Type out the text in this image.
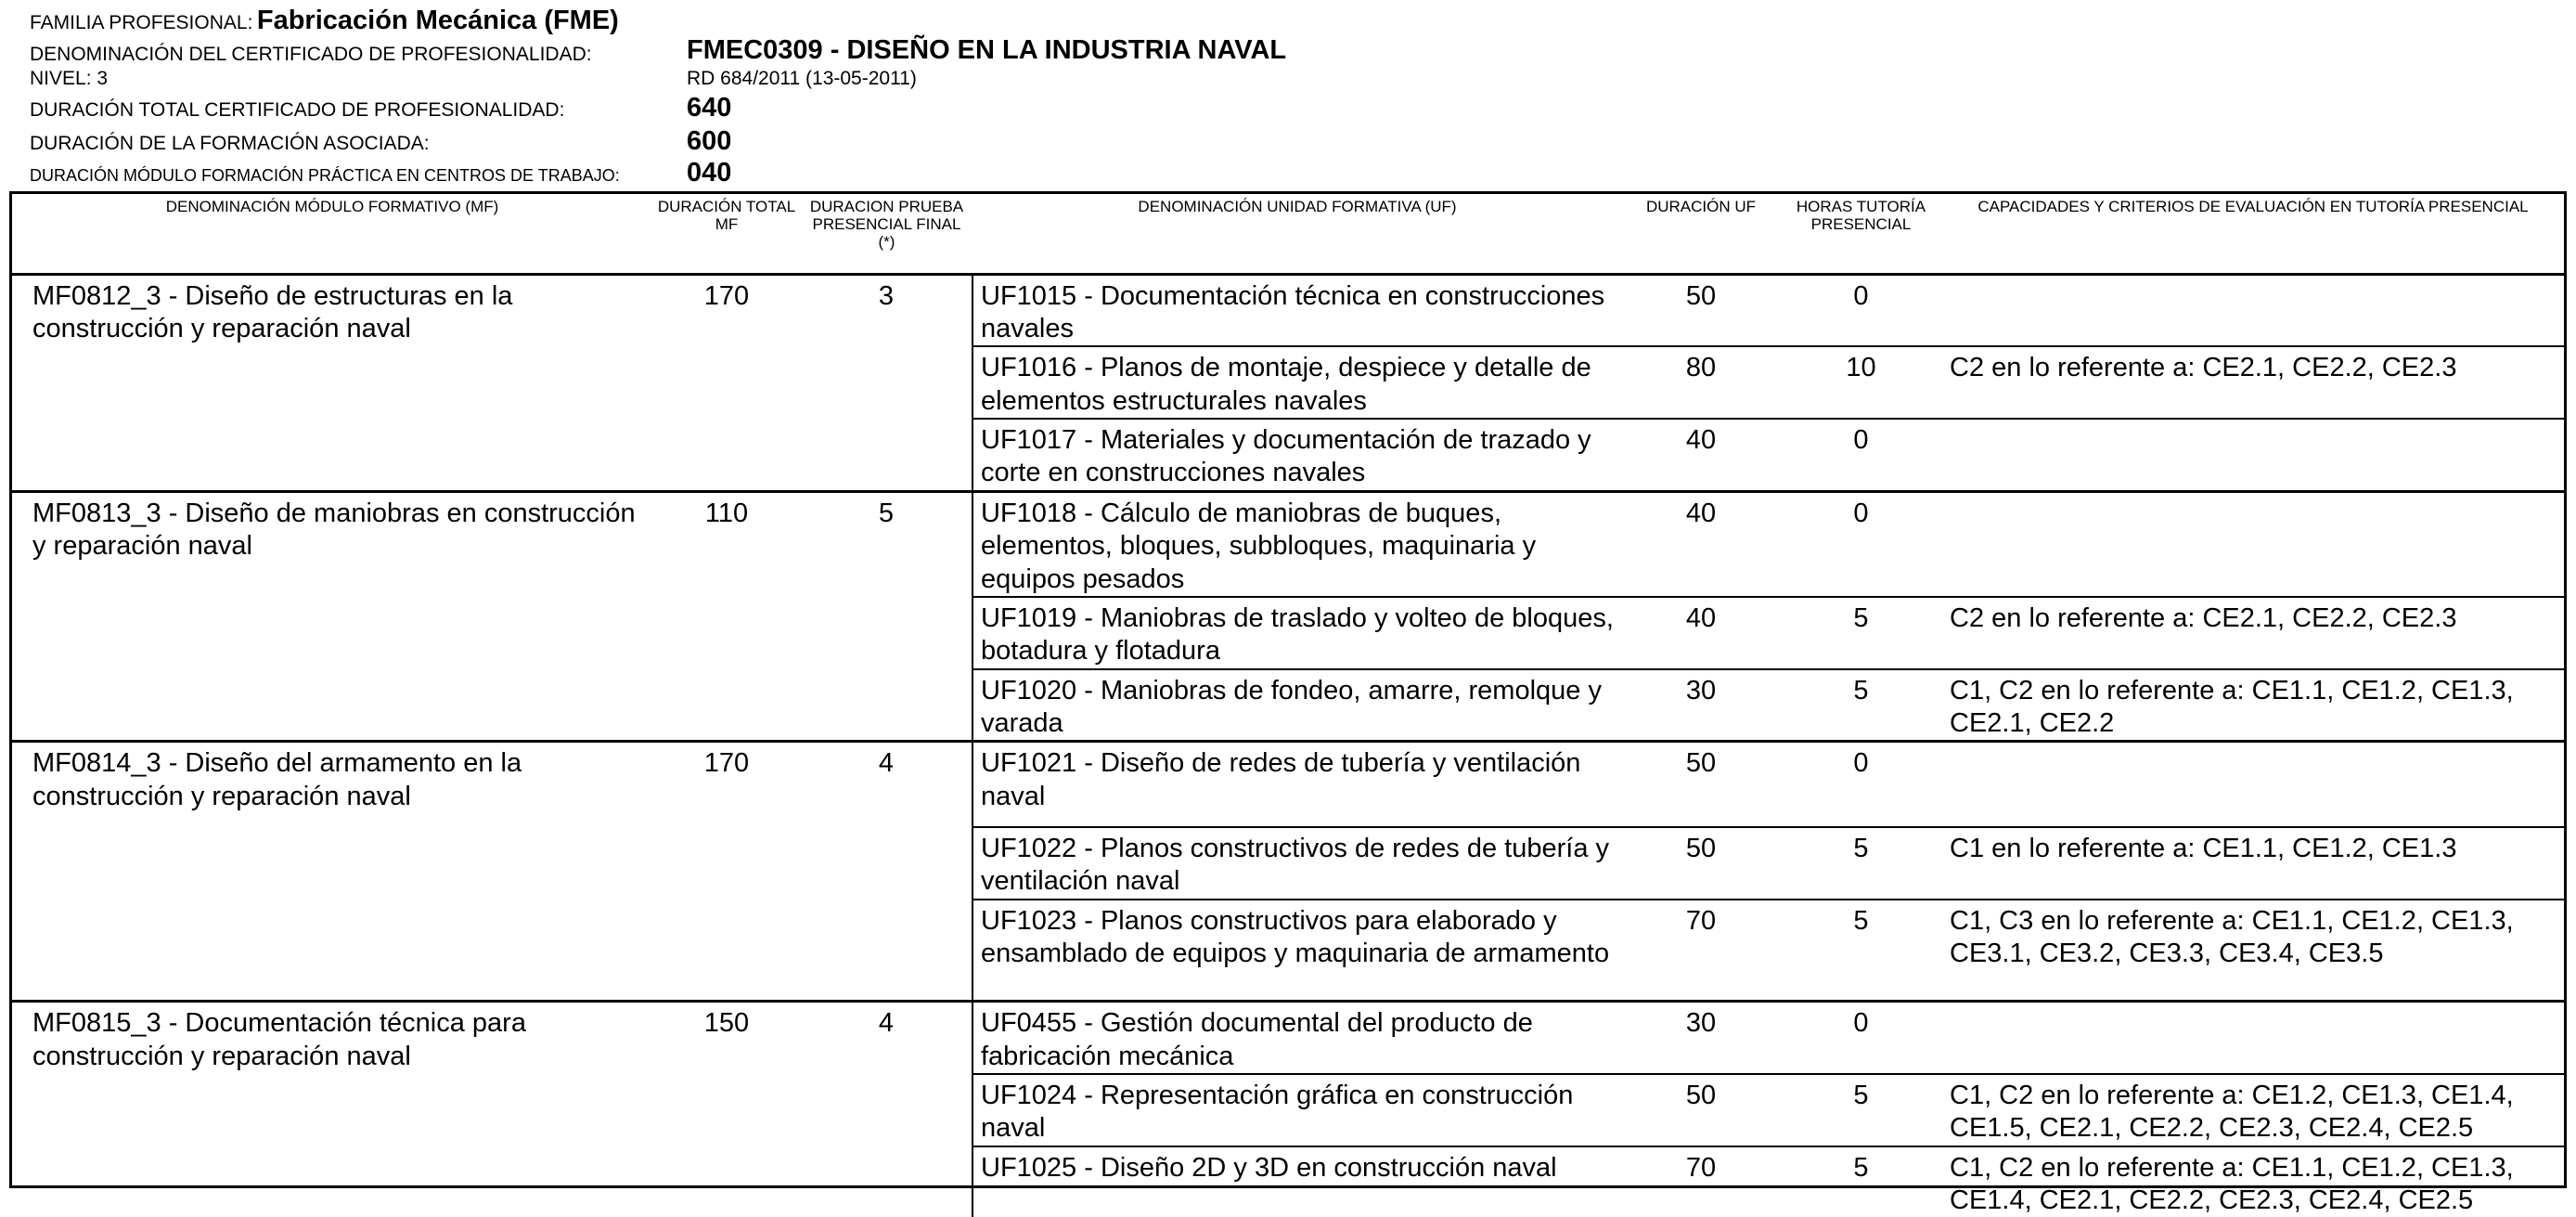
FAMILIA PROFESIONAL: Fabricación Mecánica (FME)
DENOMINACIÓN DEL CERTIFICADO DE PROFESIONALIDAD:	FMEC0309 - DISEÑO EN LA INDUSTRIA NAVAL
NIVEL: 3	RD 684/2011 (13-05-2011)
DURACIÓN TOTAL CERTIFICADO DE PROFESIONALIDAD:	640
DURACIÓN DE LA FORMACIÓN ASOCIADA:	600
DURACIÓN MÓDULO FORMACIÓN PRÁCTICA EN CENTROS DE TRABAJO: 040
DENOMINACIÓN MÓDULO FORMATIVO (MF)	DURACIÓN TOTAL MF	DURACION PRUEBA PRESENCIAL FINAL (*)	DENOMINACIÓN UNIDAD FORMATIVA (UF)	DURACIÓN UF	HORAS TUTORÍA PRESENCIAL	CAPACIDADES Y CRITERIOS DE EVALUACIÓN EN TUTORÍA PRESENCIAL
MF0812_3 - Diseño de estructuras en la construcción y reparación naval	170	3	UF1015 - Documentación técnica en construcciones navales	50	0	
			UF1016 - Planos de montaje, despiece y detalle de elementos estructurales navales	80	10	C2 en lo referente a: CE2.1, CE2.2, CE2.3
			UF1017 - Materiales y documentación de trazado y corte en construcciones navales	40	0	
MF0813_3 - Diseño de maniobras en construcción y reparación naval	110	5	UF1018 - Cálculo de maniobras de buques, elementos, bloques, subbloques, maquinaria y equipos pesados	40	0	
			UF1019 - Maniobras de traslado y volteo de bloques, botadura y flotadura	40	5	C2 en lo referente a: CE2.1, CE2.2, CE2.3
			UF1020 - Maniobras de fondeo, amarre, remolque y varada	30	5	C1, C2 en lo referente a: CE1.1, CE1.2, CE1.3, CE2.1, CE2.2
MF0814_3 - Diseño del armamento en la construcción y reparación naval	170	4	UF1021 - Diseño de redes de tubería y ventilación naval	50	0	
			UF1022 - Planos constructivos de redes de tubería y ventilación naval	50	5	C1 en lo referente a: CE1.1, CE1.2, CE1.3
			UF1023 - Planos constructivos para elaborado y ensamblado de equipos y maquinaria de armamento	70	5	C1, C3 en lo referente a: CE1.1, CE1.2, CE1.3, CE3.1, CE3.2, CE3.3, CE3.4, CE3.5
MF0815_3 - Documentación técnica para construcción y reparación naval	150	4	UF0455 - Gestión documental del producto de fabricación mecánica	30	0	
			UF1024 - Representación gráfica en construcción naval	50	5	C1, C2 en lo referente a: CE1.2, CE1.3, CE1.4, CE1.5, CE2.1, CE2.2, CE2.3, CE2.4, CE2.5
			UF1025 - Diseño 2D y 3D en construcción naval	70	5	C1, C2 en lo referente a: CE1.1, CE1.2, CE1.3, CE1.4, CE2.1, CE2.2, CE2.3, CE2.4, CE2.5
